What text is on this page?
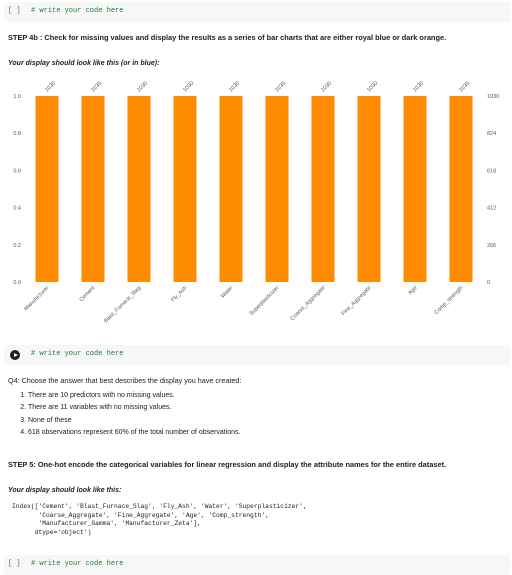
[ ] # write your code here
STEP 4b : Check for missing values and display the results as a series of bar charts that are either royal blue or dark orange.
Your display should look like this (or in blue):
0.0
0.2
0.4
0.6
0.8
1.0
0
206
412
618
824
1030
1030
Manufacturer
1030
Cement
1030
Blast_Furnace_Slag
1030
Fly_Ash
1030
Water
1030
Superplasticizer
1030
Coarse_Aggregate
1030
Fine_Aggregate
1030
Age
1030
Comp_strength
# write your code here
Q4: Choose the answer that best describes the display you have created:
1. There are 10 predictors with no missing values.
2. There are 11 variables with no missing values.
3. None of these
4. 618 observations represent 60% of the total number of observations.
STEP 5: One-hot encode the categorical variables for linear regression and display the attribute names for the entire dataset.
Your display should look like this:
Index(['Cement', 'Blast_Furnace_Slag', 'Fly_Ash', 'Water', 'Superplasticizer',
'Coarse_Aggregate', 'Fine_Aggregate', 'Age', 'Comp_strength',
'Manufacturer_Gamma', 'Manufacturer_Zeta'],
dtype='object')
[ ] # write your code here
